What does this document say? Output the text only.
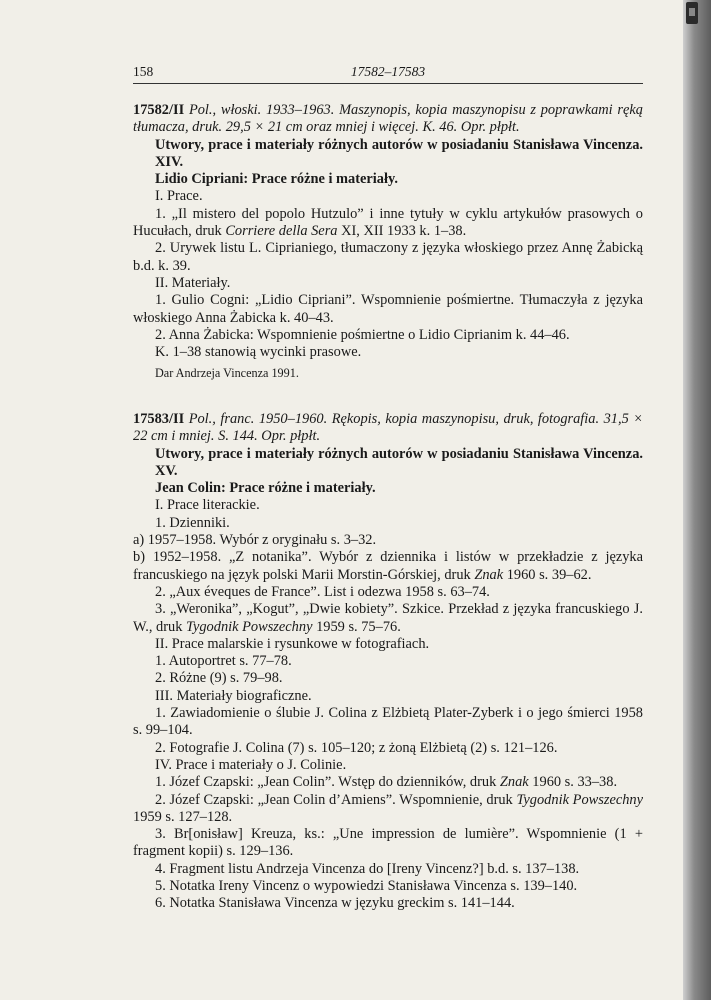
158	17582–17583

17582/II Pol., włoski. 1933–1963. Maszynopis, kopia maszynopisu z poprawkami ręką tłumacza, druk. 29,5 × 21 cm oraz mniej i więcej. K. 46. Opr. płpłt.

Utwory, prace i materiały różnych autorów w posiadaniu Stanisława Vincenza. XIV.

Lidio Cipriani: Prace różne i materiały.

I. Prace.

1. „Il mistero del popolo Hutzulo” i inne tytuły w cyklu artykułów prasowych o Hucułach, druk Corriere della Sera XI, XII 1933 k. 1–38.

2. Urywek listu L. Ciprianiego, tłumaczony z języka włoskiego przez Annę Żabicką b.d. k. 39.

II. Materiały.

1. Gulio Cogni: „Lidio Cipriani”. Wspomnienie pośmiertne. Tłumaczyła z języka włoskiego Anna Żabicka k. 40–43.

2. Anna Żabicka: Wspomnienie pośmiertne o Lidio Ciprianim k. 44–46.

K. 1–38 stanowią wycinki prasowe.

Dar Andrzeja Vincenza 1991.

17583/II Pol., franc. 1950–1960. Rękopis, kopia maszynopisu, druk, fotografia. 31,5 × 22 cm i mniej. S. 144. Opr. płpłt.

Utwory, prace i materiały różnych autorów w posiadaniu Stanisława Vincenza. XV.

Jean Colin: Prace różne i materiały.

I. Prace literackie.

1. Dzienniki.

a) 1957–1958. Wybór z oryginału s. 3–32.

b) 1952–1958. „Z notanika”. Wybór z dziennika i listów w przekładzie z języka francuskiego na język polski Marii Morstin-Górskiej, druk Znak 1960 s. 39–62.

2. „Aux éveques de France”. List i odezwa 1958 s. 63–74.

3. „Weronika”, „Kogut”, „Dwie kobiety”. Szkice. Przekład z języka francuskiego J. W., druk Tygodnik Powszechny 1959 s. 75–76.

II. Prace malarskie i rysunkowe w fotografiach.

1. Autoportret s. 77–78.

2. Różne (9) s. 79–98.

III. Materiały biograficzne.

1. Zawiadomienie o ślubie J. Colina z Elżbietą Plater-Zyberk i o jego śmierci 1958 s. 99–104.

2. Fotografie J. Colina (7) s. 105–120; z żoną Elżbietą (2) s. 121–126.

IV. Prace i materiały o J. Colinie.

1. Józef Czapski: „Jean Colin”. Wstęp do dzienników, druk Znak 1960 s. 33–38.

2. Józef Czapski: „Jean Colin d’Amiens”. Wspomnienie, druk Tygodnik Powszechny 1959 s. 127–128.

3. Br[onisław] Kreuza, ks.: „Une impression de lumière”. Wspomnienie (1 + fragment kopii) s. 129–136.

4. Fragment listu Andrzeja Vincenza do [Ireny Vincenz?] b.d. s. 137–138.

5. Notatka Ireny Vincenz o wypowiedzi Stanisława Vincenza s. 139–140.

6. Notatka Stanisława Vincenza w języku greckim s. 141–144.
